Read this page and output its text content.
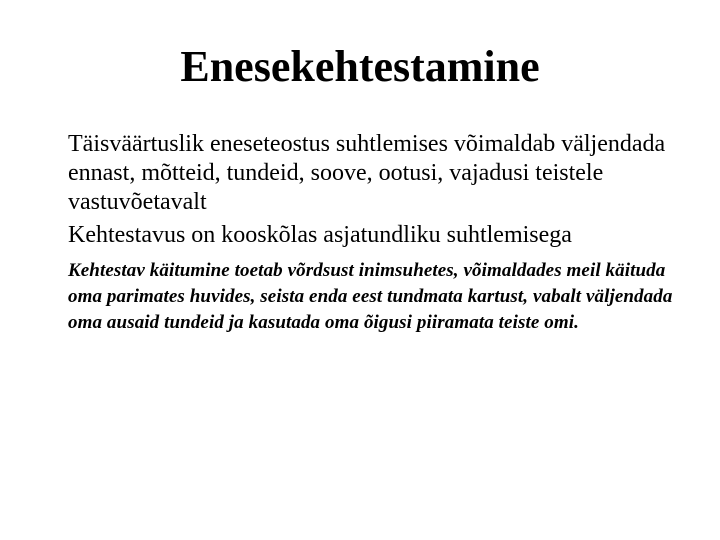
Enesekehtestamine

Täisväärtuslik eneseteostus suhtlemises võimaldab väljendada ennast, mõtteid, tundeid, soove, ootusi, vajadusi teistele vastuvõetavalt

Kehtestavus on kooskõlas asjatundliku suhtlemisega

Kehtestav käitumine toetab võrdsust inimsuhetes, võimaldades meil käituda oma parimates huvides, seista enda eest tundmata kartust, vabalt väljendada oma ausaid tundeid ja kasutada oma õigusi piiramata teiste omi.
